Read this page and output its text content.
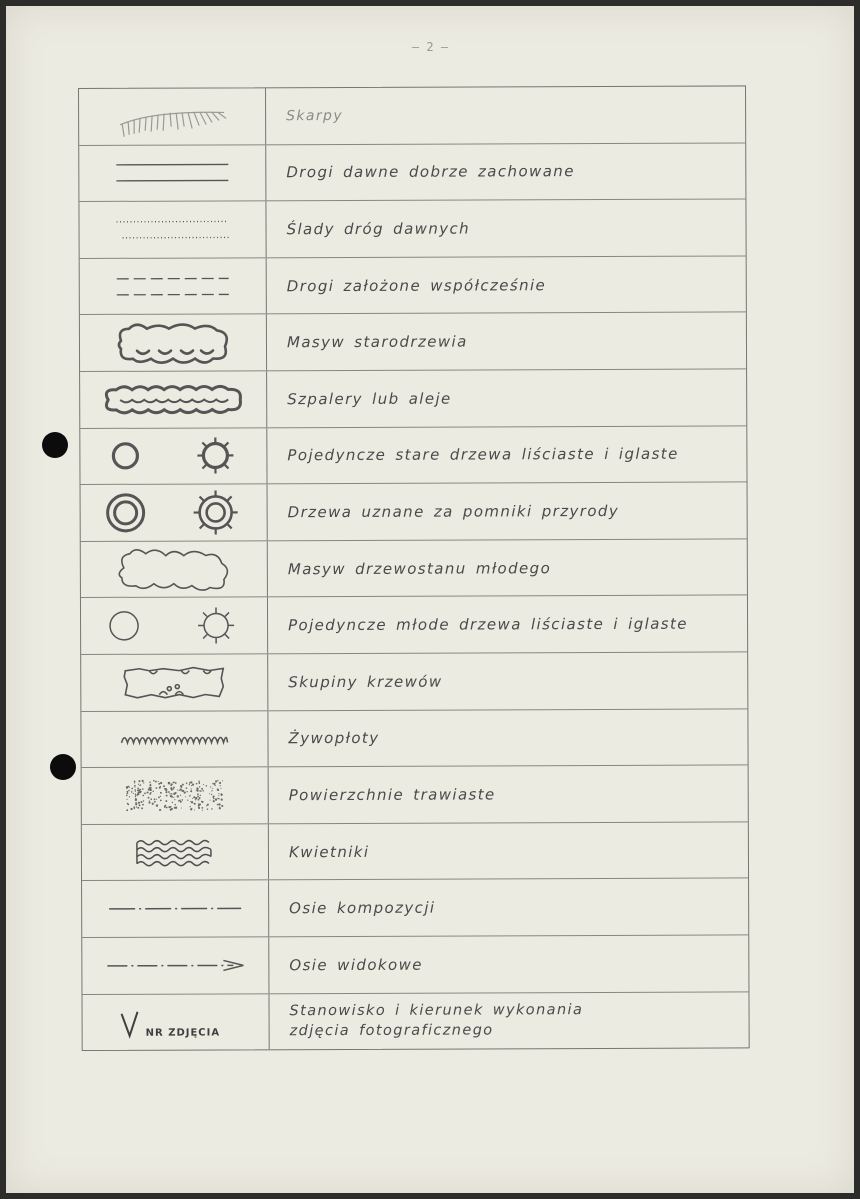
– 2 –
Skarpy
Drogi dawne dobrze zachowane
Ślady dróg dawnych
Drogi założone współcześnie
Masyw starodrzewia
Szpalery lub aleje
Pojedyncze stare drzewa liściaste i iglaste
Drzewa uznane za pomniki przyrody
Masyw drzewostanu młodego
Pojedyncze młode drzewa liściaste i iglaste
Skupiny krzewów
Żywopłoty
Powierzchnie trawiaste
Kwietniki
Osie kompozycji
Osie widokowe
NR ZDJĘCIA
Stanowisko i kierunek wykonania
zdjęcia fotograficznego
